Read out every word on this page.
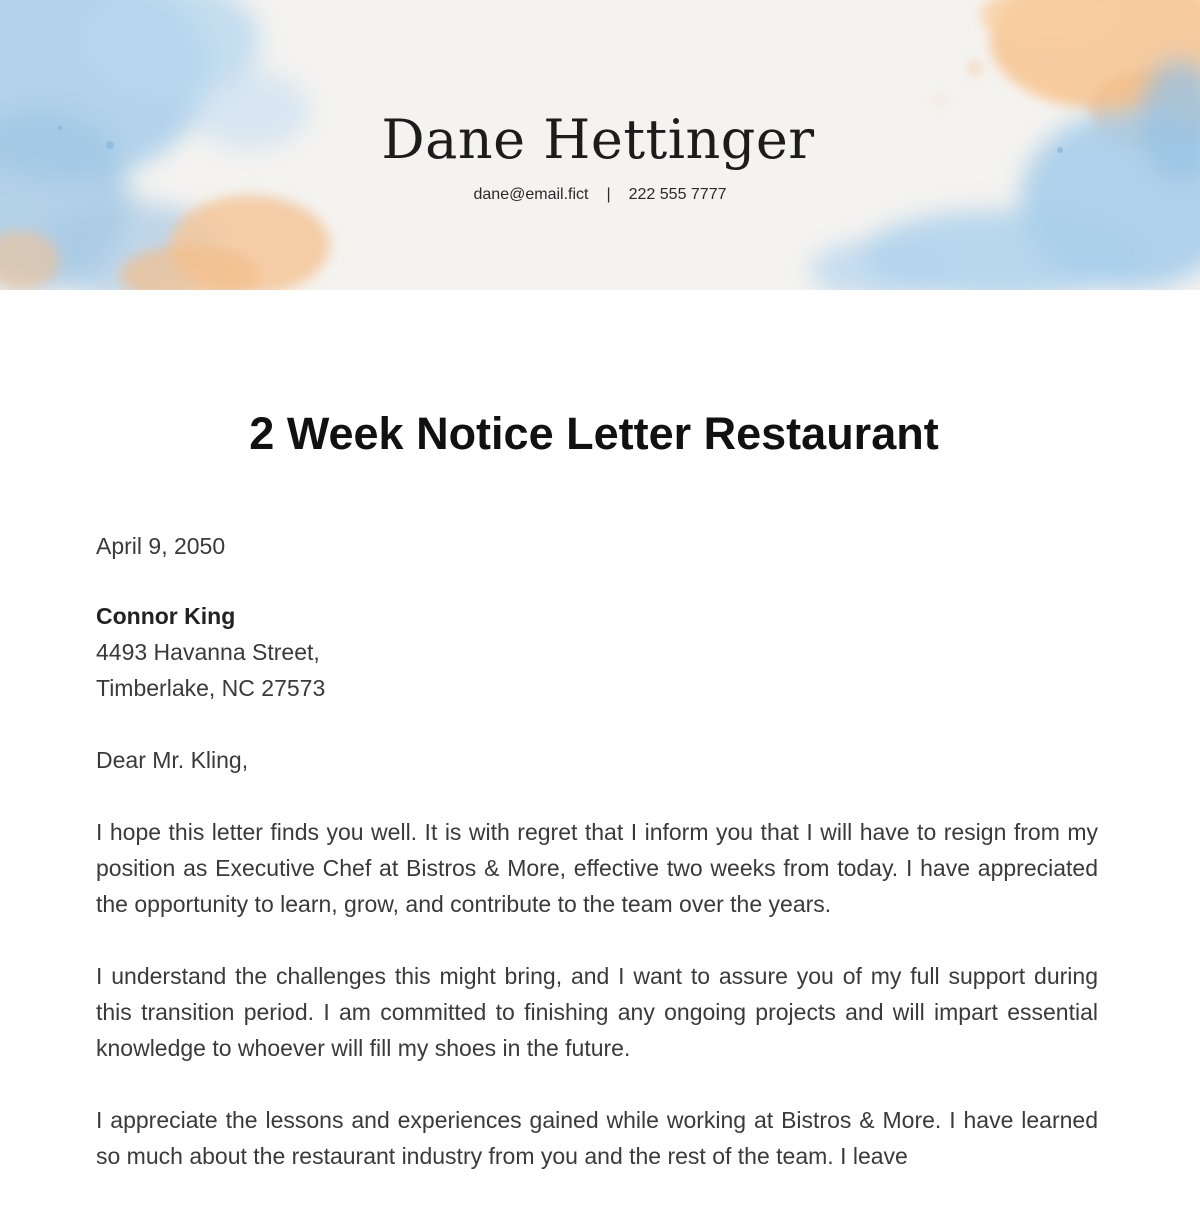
Dane Hettinger
dane@email.fict | 222 555 7777
2 Week Notice Letter Restaurant

April 9, 2050

Connor King

4493 Havanna Street,

Timberlake, NC 27573

Dear Mr. Kling,

I hope this letter finds you well. It is with regret that I inform you that I will have to resign from my position as Executive Chef at Bistros & More, effective two weeks from today. I have appreciated the opportunity to learn, grow, and contribute to the team over the years.

I understand the challenges this might bring, and I want to assure you of my full support during this transition period. I am committed to finishing any ongoing projects and will impart essential knowledge to whoever will fill my shoes in the future.

I appreciate the lessons and experiences gained while working at Bistros & More. I have learned so much about the restaurant industry from you and the rest of the team. I leave
